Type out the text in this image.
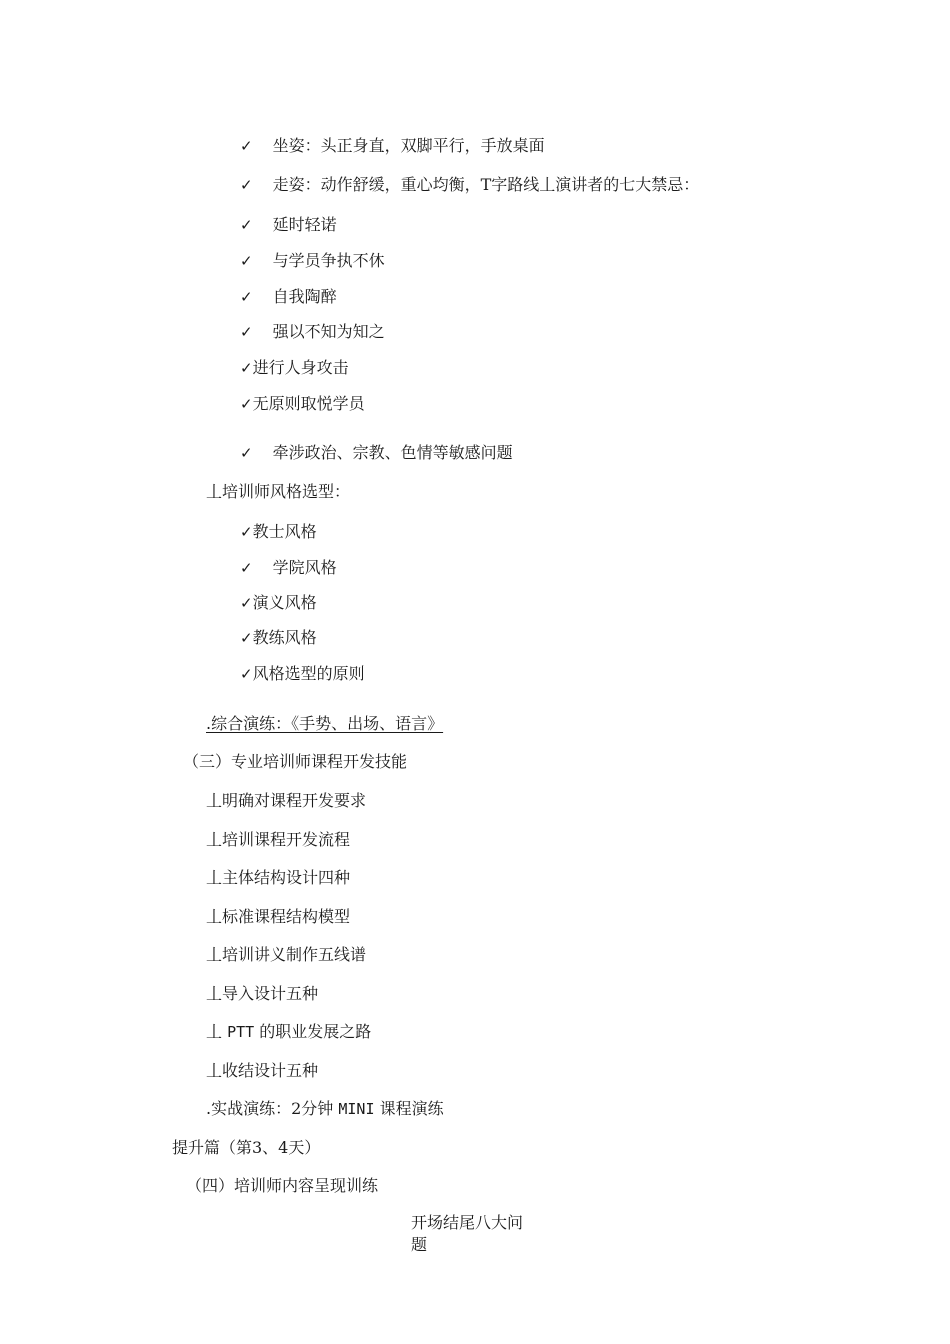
✓ 坐姿：头正身直，双脚平行，手放桌面
✓ 走姿：动作舒缓，重心均衡，T字路线丄演讲者的七大禁忌：
✓ 延时轻诺
✓ 与学员争执不休
✓ 自我陶醉
✓ 强以不知为知之
✓进行人身攻击
✓无原则取悦学员
✓ 牵涉政治、宗教、色情等敏感问题
丄培训师风格选型：
✓教士风格
✓ 学院风格
✓演义风格
✓教练风格
✓风格选型的原则
.综合演练：《手势、出场、语言》
（三）专业培训师课程开发技能
丄明确对课程开发要求
丄培训课程开发流程
丄主体结构设计四种
丄标准课程结构模型
丄培训讲义制作五线谱
丄导入设计五种
丄 PTT 的职业发展之路
丄收结设计五种
.实战演练：2分钟 MINI 课程演练
提升篇（第3、4天）
（四）培训师内容呈现训练
开场结尾八大问题
